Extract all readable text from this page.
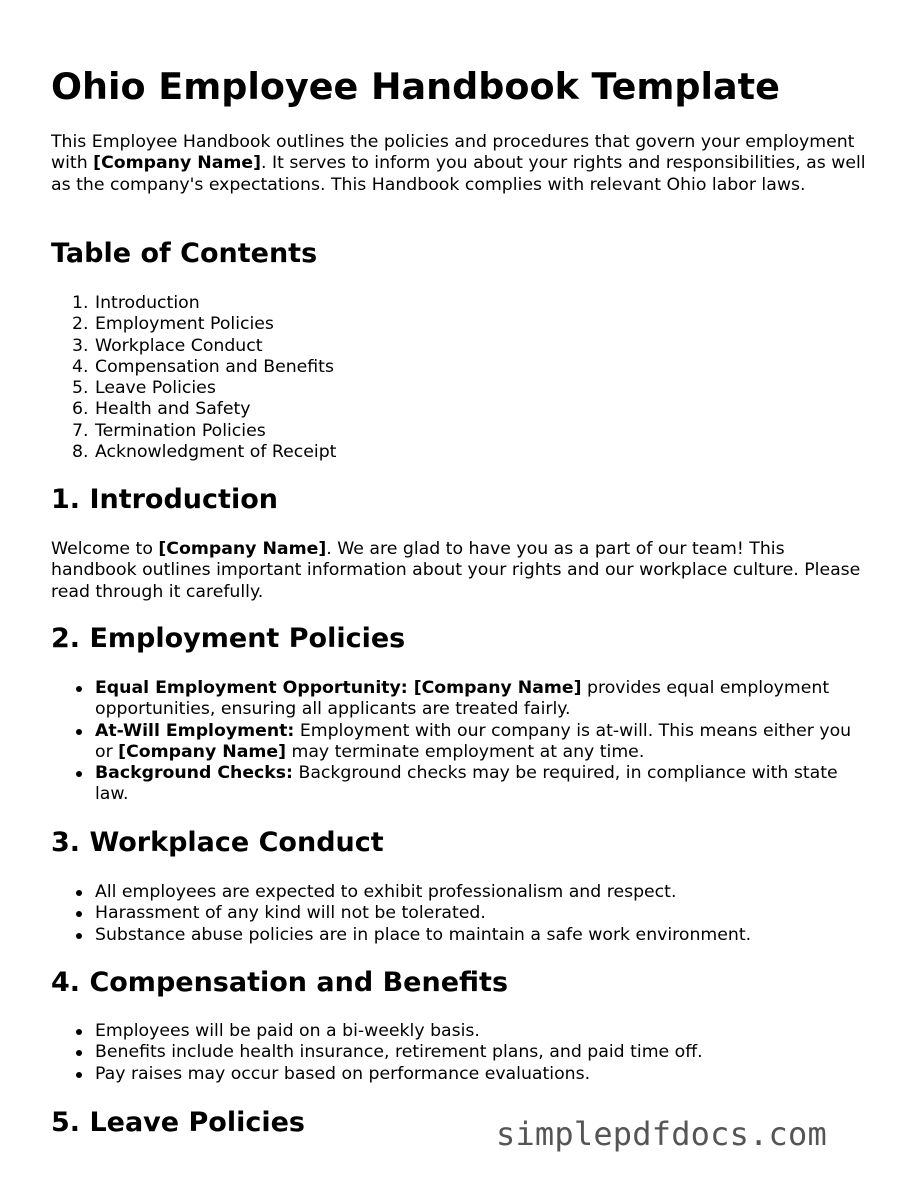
Ohio Employee Handbook Template

This Employee Handbook outlines the policies and procedures that govern your employment with [Company Name]. It serves to inform you about your rights and responsibilities, as well as the company's expectations. This Handbook complies with relevant Ohio labor laws.

Table of Contents
1. Introduction
2. Employment Policies
3. Workplace Conduct
4. Compensation and Benefits
5. Leave Policies
6. Health and Safety
7. Termination Policies
8. Acknowledgment of Receipt
1. Introduction

Welcome to [Company Name]. We are glad to have you as a part of our team! This handbook outlines important information about your rights and our workplace culture. Please read through it carefully.

2. Employment Policies
Equal Employment Opportunity: [Company Name] provides equal employment opportunities, ensuring all applicants are treated fairly.
At-Will Employment: Employment with our company is at-will. This means either you or [Company Name] may terminate employment at any time.
Background Checks: Background checks may be required, in compliance with state law.
3. Workplace Conduct
All employees are expected to exhibit professionalism and respect.
Harassment of any kind will not be tolerated.
Substance abuse policies are in place to maintain a safe work environment.
4. Compensation and Benefits
Employees will be paid on a bi-weekly basis.
Benefits include health insurance, retirement plans, and paid time off.
Pay raises may occur based on performance evaluations.
5. Leave Policies	simplepdfdocs.com
